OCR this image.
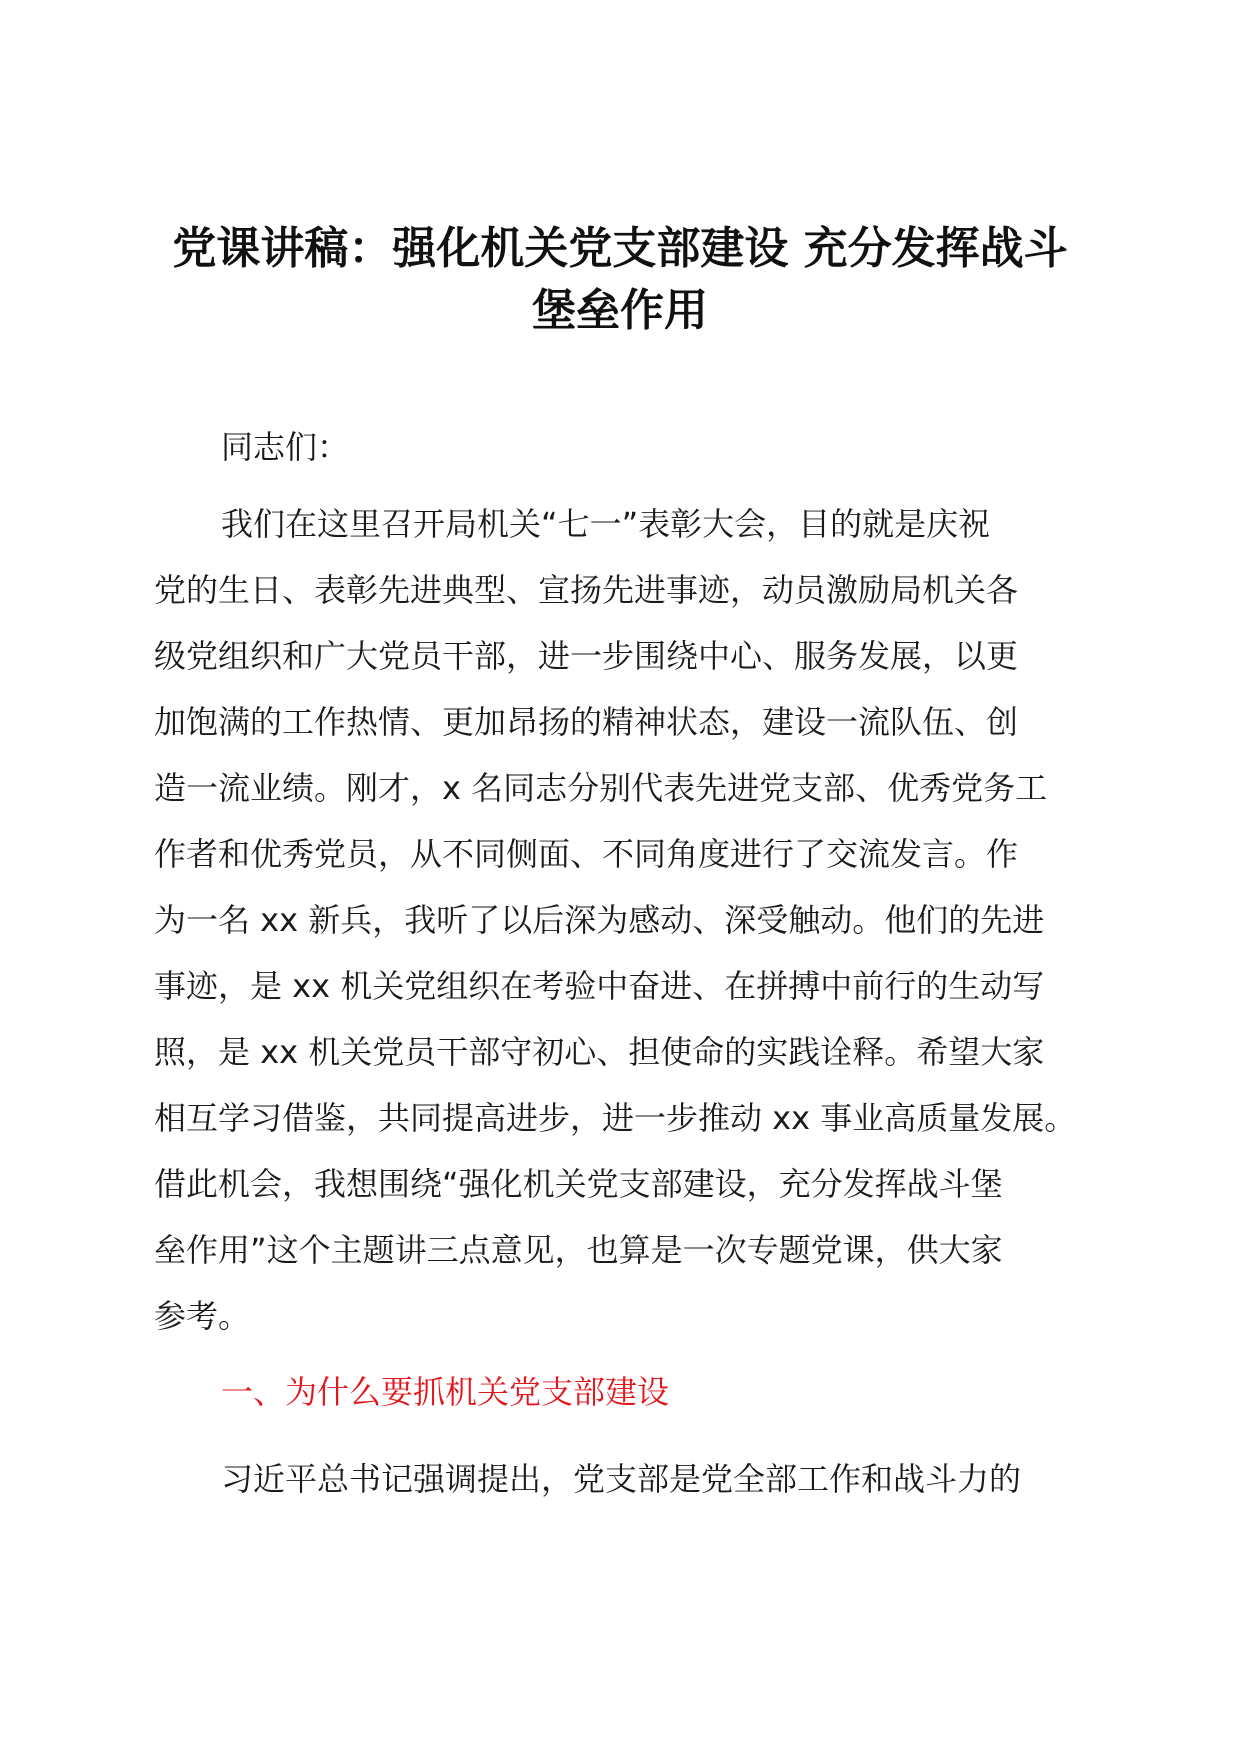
党课讲稿：强化机关党支部建设 充分发挥战斗
堡垒作用
同志们：
我们在这里召开局机关“七一”表彰大会，目的就是庆祝
党的生日、表彰先进典型、宣扬先进事迹，动员激励局机关各
级党组织和广大党员干部，进一步围绕中心、服务发展，以更
加饱满的工作热情、更加昂扬的精神状态，建设一流队伍、创
造一流业绩。刚才，x 名同志分别代表先进党支部、优秀党务工
作者和优秀党员，从不同侧面、不同角度进行了交流发言。作
为一名 xx 新兵，我听了以后深为感动、深受触动。他们的先进
事迹，是 xx 机关党组织在考验中奋进、在拼搏中前行的生动写
照，是 xx 机关党员干部守初心、担使命的实践诠释。希望大家
相互学习借鉴，共同提高进步，进一步推动 xx 事业高质量发展。
借此机会，我想围绕“强化机关党支部建设，充分发挥战斗堡
垒作用”这个主题讲三点意见，也算是一次专题党课，供大家
参考。
一、为什么要抓机关党支部建设
习近平总书记强调提出，党支部是党全部工作和战斗力的
